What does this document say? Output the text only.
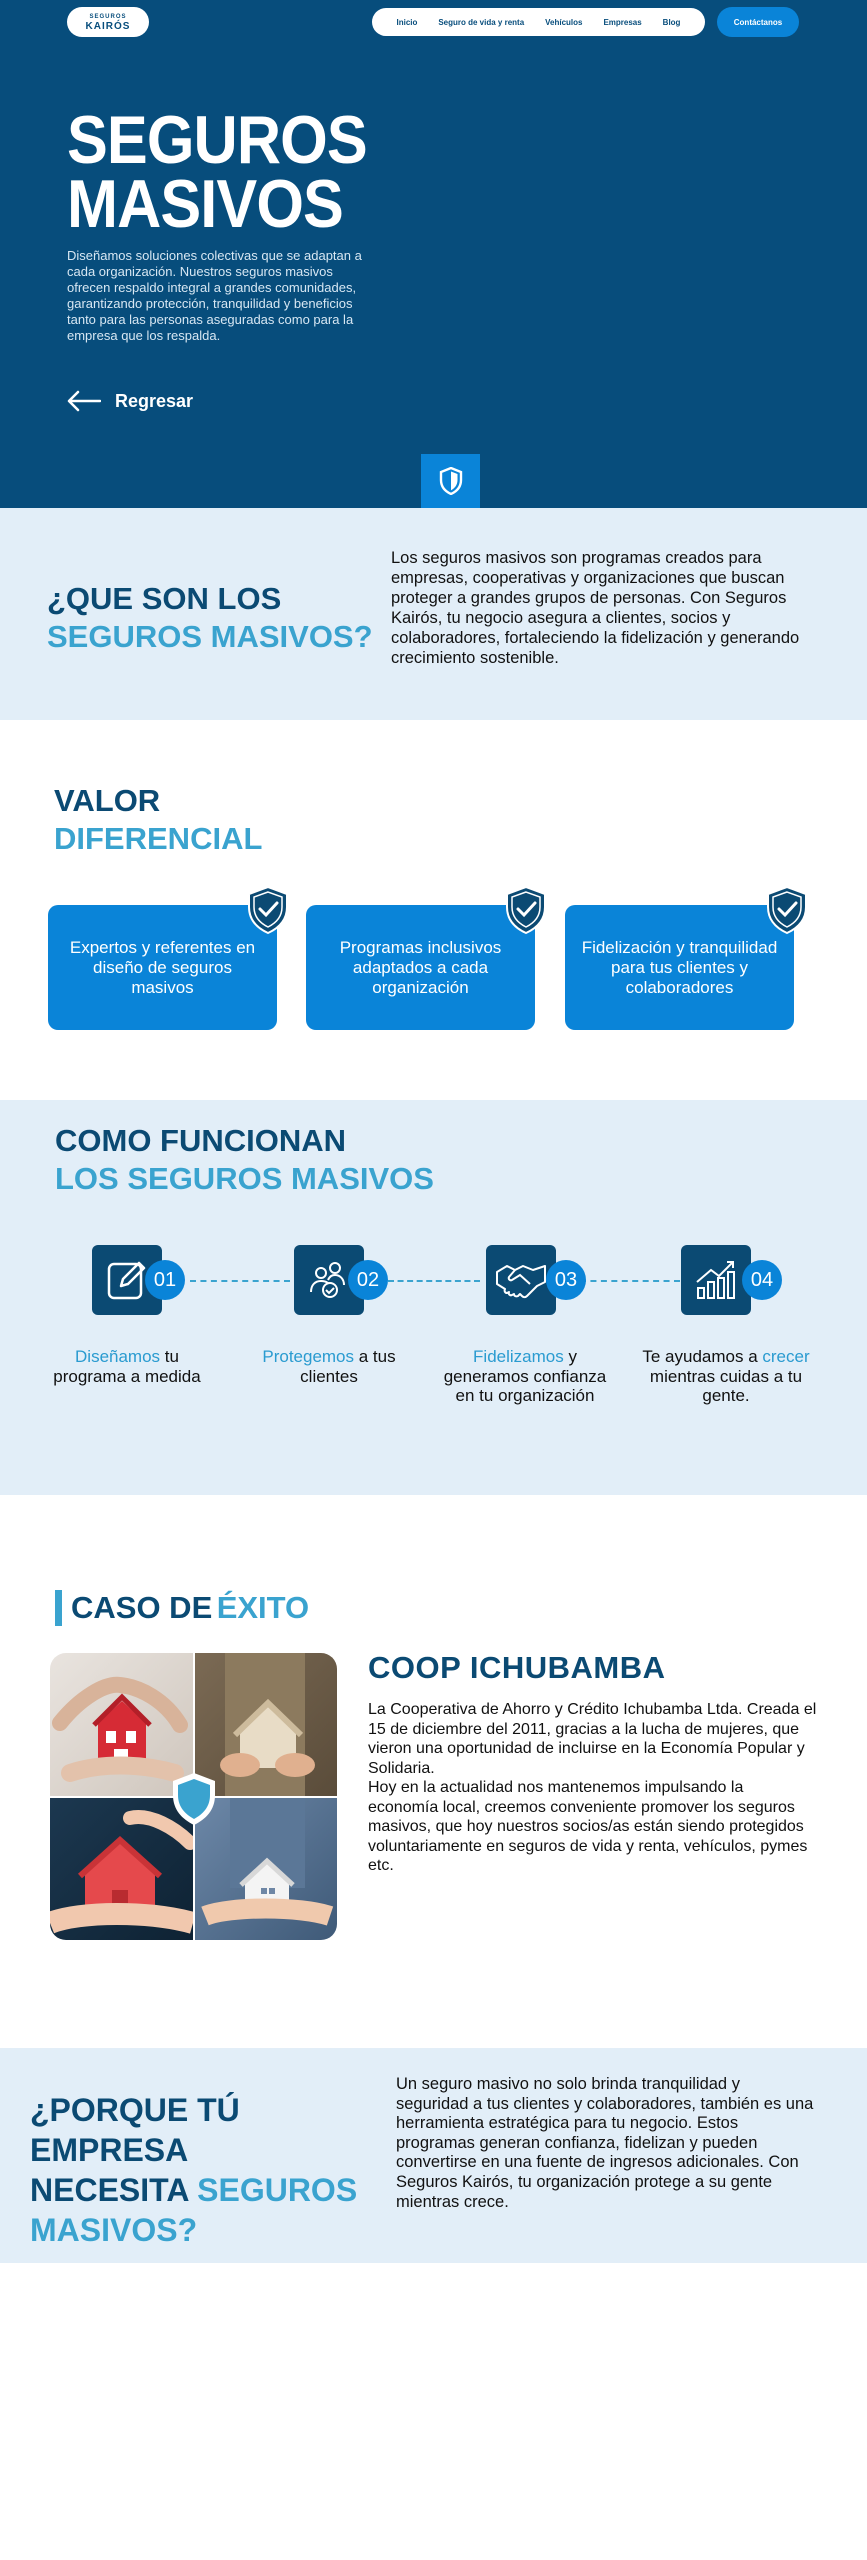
SEGUROS
KAIRÓS	Inicio	Seguro de vida y renta	Vehículos	Empresas	Blog	Contáctanos
SEGUROS
MASIVOS

Diseñamos soluciones colectivas que se adaptan a cada organización. Nuestros seguros masivos ofrecen respaldo integral a grandes comunidades, garantizando protección, tranquilidad y beneficios tanto para las personas aseguradas como para la empresa que los respalda.

Regresar
¿QUE SON LOS
SEGUROS MASIVOS?

Los seguros masivos son programas creados para empresas, cooperativas y organizaciones que buscan proteger a grandes grupos de personas. Con Seguros Kairós, tu negocio asegura a clientes, socios y colaboradores, fortaleciendo la fidelización y generando crecimiento sostenible.

VALOR
DIFERENCIAL
Expertos y referentes en diseño de seguros masivos
Programas inclusivos adaptados a cada organización
Fidelización y tranquilidad para tus clientes y colaboradores
COMO FUNCIONAN
LOS SEGUROS MASIVOS
01	02	03	04
Diseñamos tu programa a medida
Protegemos a tus clientes
Fidelizamos y generamos confianza en tu organización
Te ayudamos a crecer mientras cuidas a tu gente.
CASO DE
ÉXITO
COOP ICHUBAMBA

La Cooperativa de Ahorro y Crédito Ichubamba Ltda. Creada el 15 de diciembre del 2011, gracias a la lucha de mujeres, que vieron una oportunidad de incluirse en la Economía Popular y Solidaria.
Hoy en la actualidad nos mantenemos impulsando la economía local, creemos conveniente promover los seguros masivos, que hoy nuestros socios/as están siendo protegidos voluntariamente en seguros de vida y renta, vehículos, pymes etc.

¿PORQUE TÚ EMPRESA
NECESITA SEGUROS
MASIVOS?

Un seguro masivo no solo brinda tranquilidad y seguridad a tus clientes y colaboradores, también es una herramienta estratégica para tu negocio. Estos programas generan confianza, fidelizan y pueden convertirse en una fuente de ingresos adicionales. Con Seguros Kairós, tu organización protege a su gente mientras crece.
